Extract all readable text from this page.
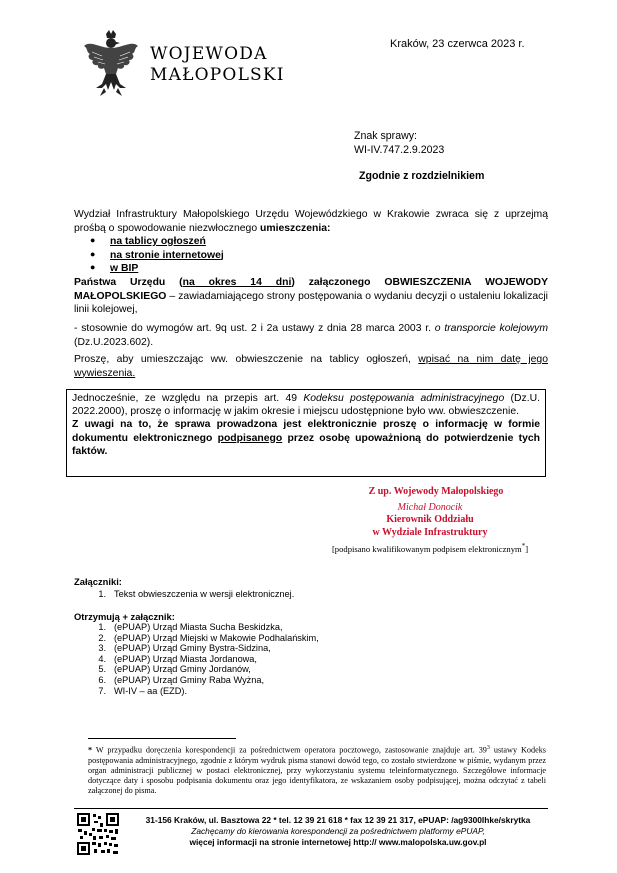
WOJEWODA
MAŁOPOLSKI
Kraków, 23 czerwca 2023 r.
Znak sprawy:
WI-IV.747.2.9.2023
Zgodnie z rozdzielnikiem
Wydział Infrastruktury Małopolskiego Urzędu Wojewódzkiego w Krakowie zwraca się z uprzejmą prośbą o spowodowanie niezwłocznego umieszczenia:
● na tablicy ogłoszeń
● na stronie internetowej
● w BIP
Państwa Urzędu (na okres 14 dni) załączonego OBWIESZCZENIA WOJEWODY MAŁOPOLSKIEGO – zawiadamiającego strony postępowania o wydaniu decyzji o ustaleniu lokalizacji linii kolejowej,
- stosownie do wymogów art. 9q ust. 2 i 2a ustawy z dnia 28 marca 2003 r. o transporcie kolejowym (Dz.U.2023.602).
Proszę, aby umieszczając ww. obwieszczenie na tablicy ogłoszeń, wpisać na nim datę jego wywieszenia.
Jednocześnie, ze względu na przepis art. 49 Kodeksu postępowania administracyjnego (Dz.U. 2022.2000), proszę o informację w jakim okresie i miejscu udostępnione było ww. obwieszczenie.
Z uwagi na to, że sprawa prowadzona jest elektronicznie proszę o informację w formie dokumentu elektronicznego podpisanego przez osobę upoważnioną do potwierdzenie tych faktów.
Z up. Wojewody Małopolskiego
Michał Donocik
Kierownik Oddziału
w Wydziale Infrastruktury
[podpisano kwalifikowanym podpisem elektronicznym*]
Załączniki:
1. Tekst obwieszczenia w wersji elektronicznej.
Otrzymują + załącznik:
1. (ePUAP) Urząd Miasta Sucha Beskidzka,
2. (ePUAP) Urząd Miejski w Makowie Podhalańskim,
3. (ePUAP) Urząd Gminy Bystra-Sidzina,
4. (ePUAP) Urząd Miasta Jordanowa,
5. (ePUAP) Urząd Gminy Jordanów,
6. (ePUAP) Urząd Gminy Raba Wyżna,
7. WI-IV – aa (EZD).
* W przypadku doręczenia korespondencji za pośrednictwem operatora pocztowego, zastosowanie znajduje art. $39^3$ ustawy Kodeks postępowania administracyjnego, zgodnie z którym wydruk pisma stanowi dowód tego, co zostało stwierdzone w piśmie, wydanym przez organ administracji publicznej w postaci elektronicznej, przy wykorzystaniu systemu teleinformatycznego. Szczegółowe informacje dotyczące daty i sposobu podpisania dokumentu oraz jego identyfikatora, ze wskazaniem osoby podpisującej, można odczytać z tabeli załączonej do pisma.
31-156 Kraków, ul. Basztowa 22 * tel. 12 39 21 618 * fax 12 39 21 317, ePUAP: /ag9300lhke/skrytka
Zachęcamy do kierowania korespondencji za pośrednictwem platformy ePUAP,
więcej informacji na stronie internetowej http:// www.malopolska.uw.gov.pl
